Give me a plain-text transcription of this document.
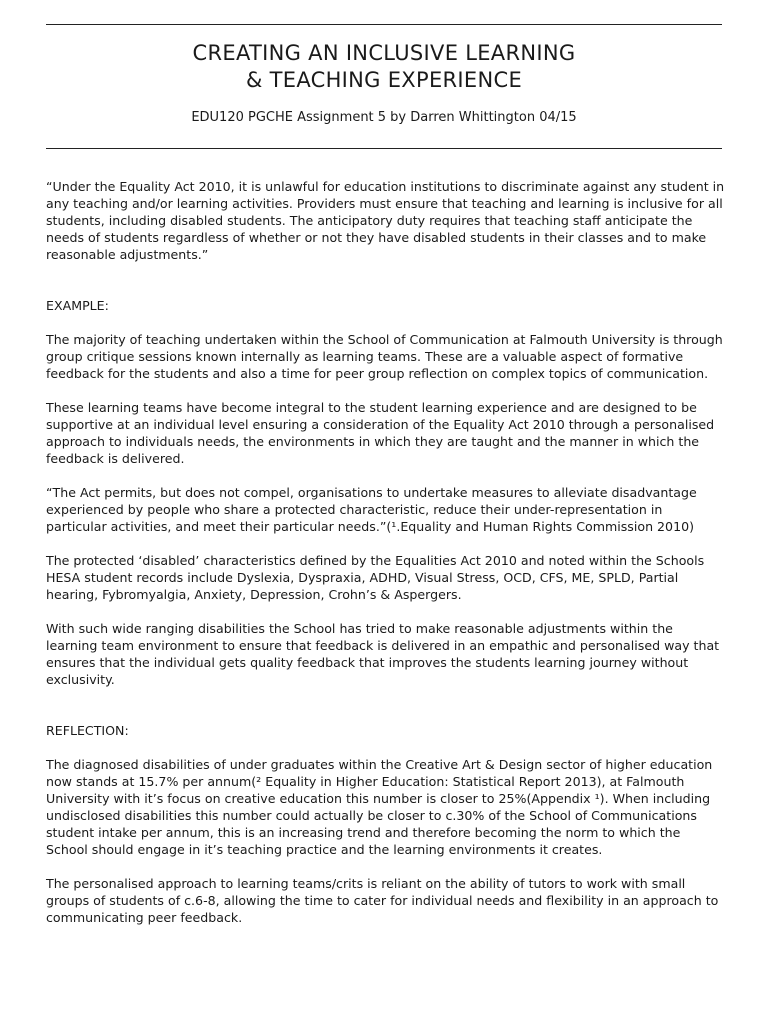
CREATING AN INCLUSIVE LEARNING
& TEACHING EXPERIENCE

EDU120 PGCHE Assignment 5 by Darren Whittington 04/15

“Under the Equality Act 2010, it is unlawful for education institutions to discriminate against any student in any teaching and/or learning activities. Providers must ensure that teaching and learning is inclusive for all students, including disabled students. The anticipatory duty requires that teaching staff anticipate the needs of students regardless of whether or not they have disabled students in their classes and to make reasonable adjustments.”

EXAMPLE:

The majority of teaching undertaken within the School of Communication at Falmouth University is through group critique sessions known internally as learning teams. These are a valuable aspect of formative feedback for the students and also a time for peer group reflection on complex topics of communication.

These learning teams have become integral to the student learning experience and are designed to be supportive at an individual level ensuring a consideration of the Equality Act 2010 through a personalised approach to individuals needs, the environments in which they are taught and the manner in which the feedback is delivered.

“The Act permits, but does not compel, organisations to undertake measures to alleviate disadvantage experienced by people who share a protected characteristic, reduce their under-representation in particular activities, and meet their particular needs.”(¹.Equality and Human Rights Commission 2010)

The protected ‘disabled’ characteristics defined by the Equalities Act 2010 and noted within the Schools HESA student records include Dyslexia, Dyspraxia, ADHD, Visual Stress, OCD, CFS, ME, SPLD, Partial hearing, Fybromyalgia, Anxiety, Depression, Crohn’s & Aspergers.

With such wide ranging disabilities the School has tried to make reasonable adjustments within the learning team environment to ensure that feedback is delivered in an empathic and personalised way that ensures that the individual gets quality feedback that improves the students learning journey without exclusivity.

REFLECTION:

The diagnosed disabilities of under graduates within the Creative Art & Design sector of higher education now stands at 15.7% per annum(² Equality in Higher Education: Statistical Report 2013), at Falmouth University with it’s focus on creative education this number is closer to 25%(Appendix ¹). When including undisclosed disabilities this number could actually be closer to c.30% of the School of Communications student intake per annum, this is an increasing trend and therefore becoming the norm to which the School should engage in it’s teaching practice and the learning environments it creates.

The personalised approach to learning teams/crits is reliant on the ability of tutors to work with small groups of students of c.6-8, allowing the time to cater for individual needs and flexibility in an approach to communicating peer feedback.
